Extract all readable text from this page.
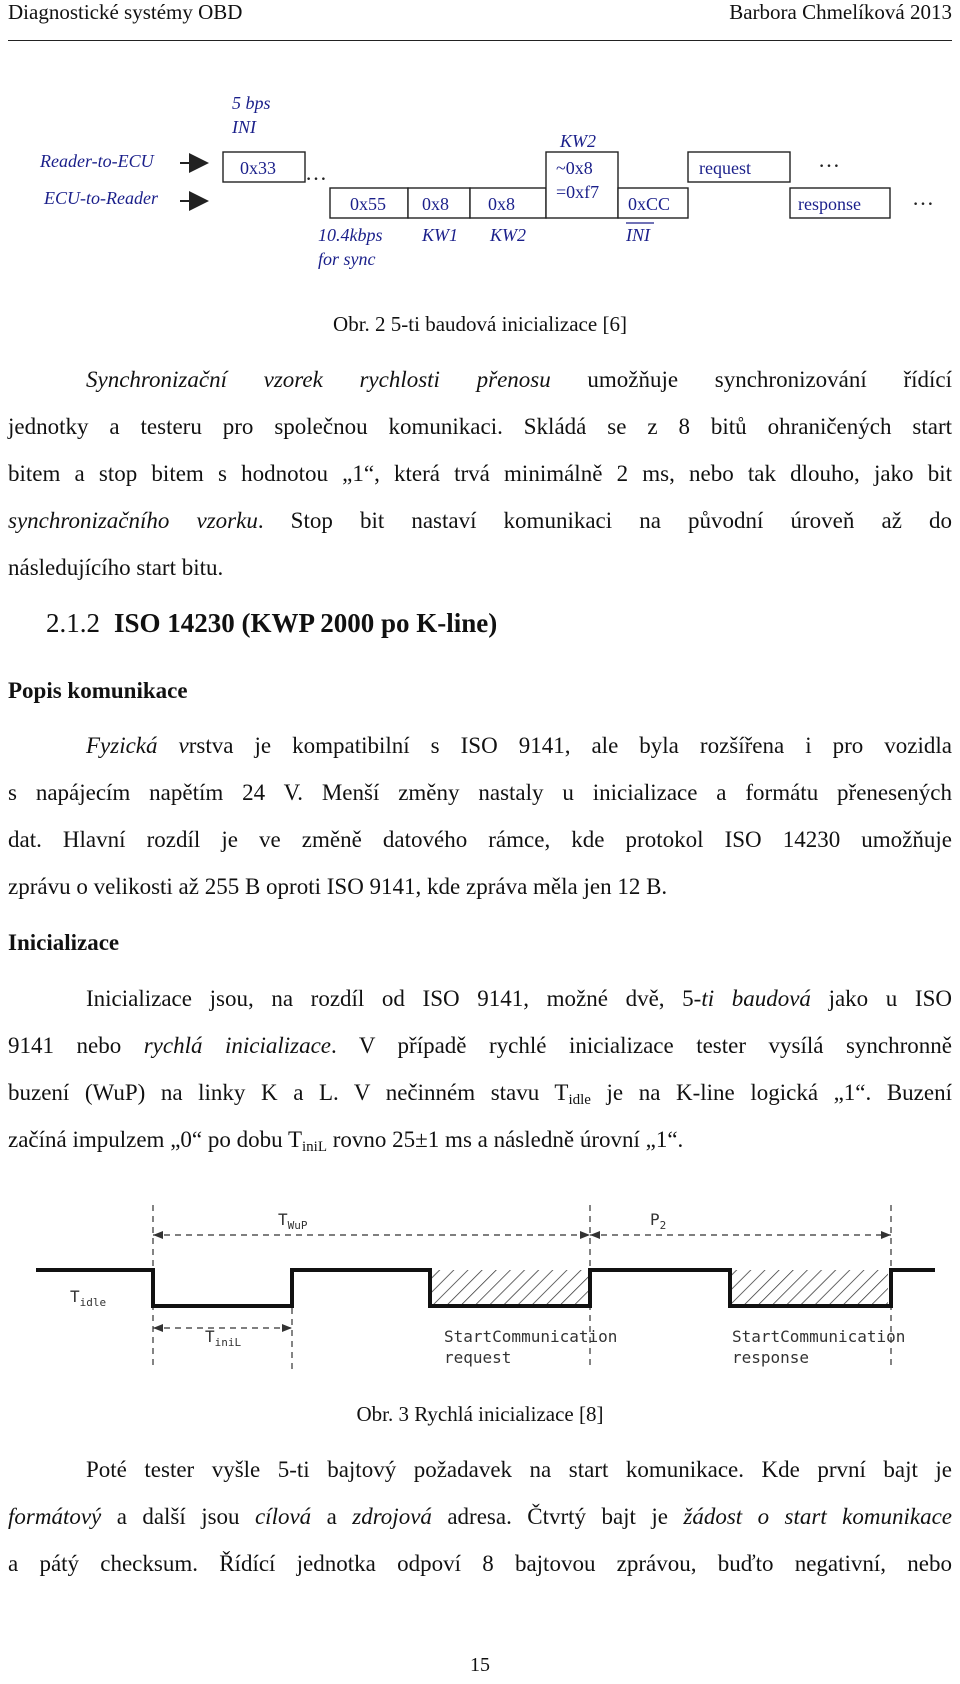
Diagnostické systémy OBD	Barbora Chmelíková 2013
Reader-to-ECU
ECU-to-Reader
5 bps
INI
KW2
0x33
0x55 0x8 0x8
~0x8
=0xf7
0xCC
request
response
…
…
…
10.4kbps
for sync
KW1 KW2	INI
Obr. 2 5-ti baudová inicializace [6]
Synchronizační vzorek rychlosti přenosu umožňuje synchronizování řídící
jednotky a testeru pro společnou komunikaci. Skládá se z 8 bitů ohraničených start
bitem a stop bitem s hodnotou „1“, která trvá minimálně 2 ms, nebo tak dlouho, jako bit
synchronizačního vzorku. Stop bit nastaví komunikaci na původní úroveň až do
následujícího start bitu.
2.1.2 ISO 14230 (KWP 2000 po K-line)
Popis komunikace
Fyzická vrstva je kompatibilní s ISO 9141, ale byla rozšířena i pro vozidla
s napájecím napětím 24 V. Menší změny nastaly u inicializace a formátu přenesených
dat. Hlavní rozdíl je ve změně datového rámce, kde protokol ISO 14230 umožňuje
zprávu o velikosti až 255 B oproti ISO 9141, kde zpráva měla jen 12 B.
Inicializace
Inicializace jsou, na rozdíl od ISO 9141, možné dvě, 5-ti baudová jako u ISO
9141 nebo rychlá inicializace. V případě rychlé inicializace tester vysílá synchronně
buzení (WuP) na linky K a L. V nečinném stavu $T_{idle}$ je na K-line logická „1“. Buzení
začíná impulzem „0“ po dobu $T_{iniL}$ rovno 25±1 ms a následně úrovní „1“.
$T_{WuP}$	$P_2$
$T_{idle}$
$T_{iniL}$	StartCommunication
request
StartCommunication
response
Obr. 3 Rychlá inicializace [8]
Poté tester vyšle 5-ti bajtový požadavek na start komunikace. Kde první bajt je
formátový a další jsou cílová a zdrojová adresa. Čtvrtý bajt je žádost o start komunikace
a pátý checksum. Řídící jednotka odpoví 8 bajtovou zprávou, buďto negativní, nebo
15
